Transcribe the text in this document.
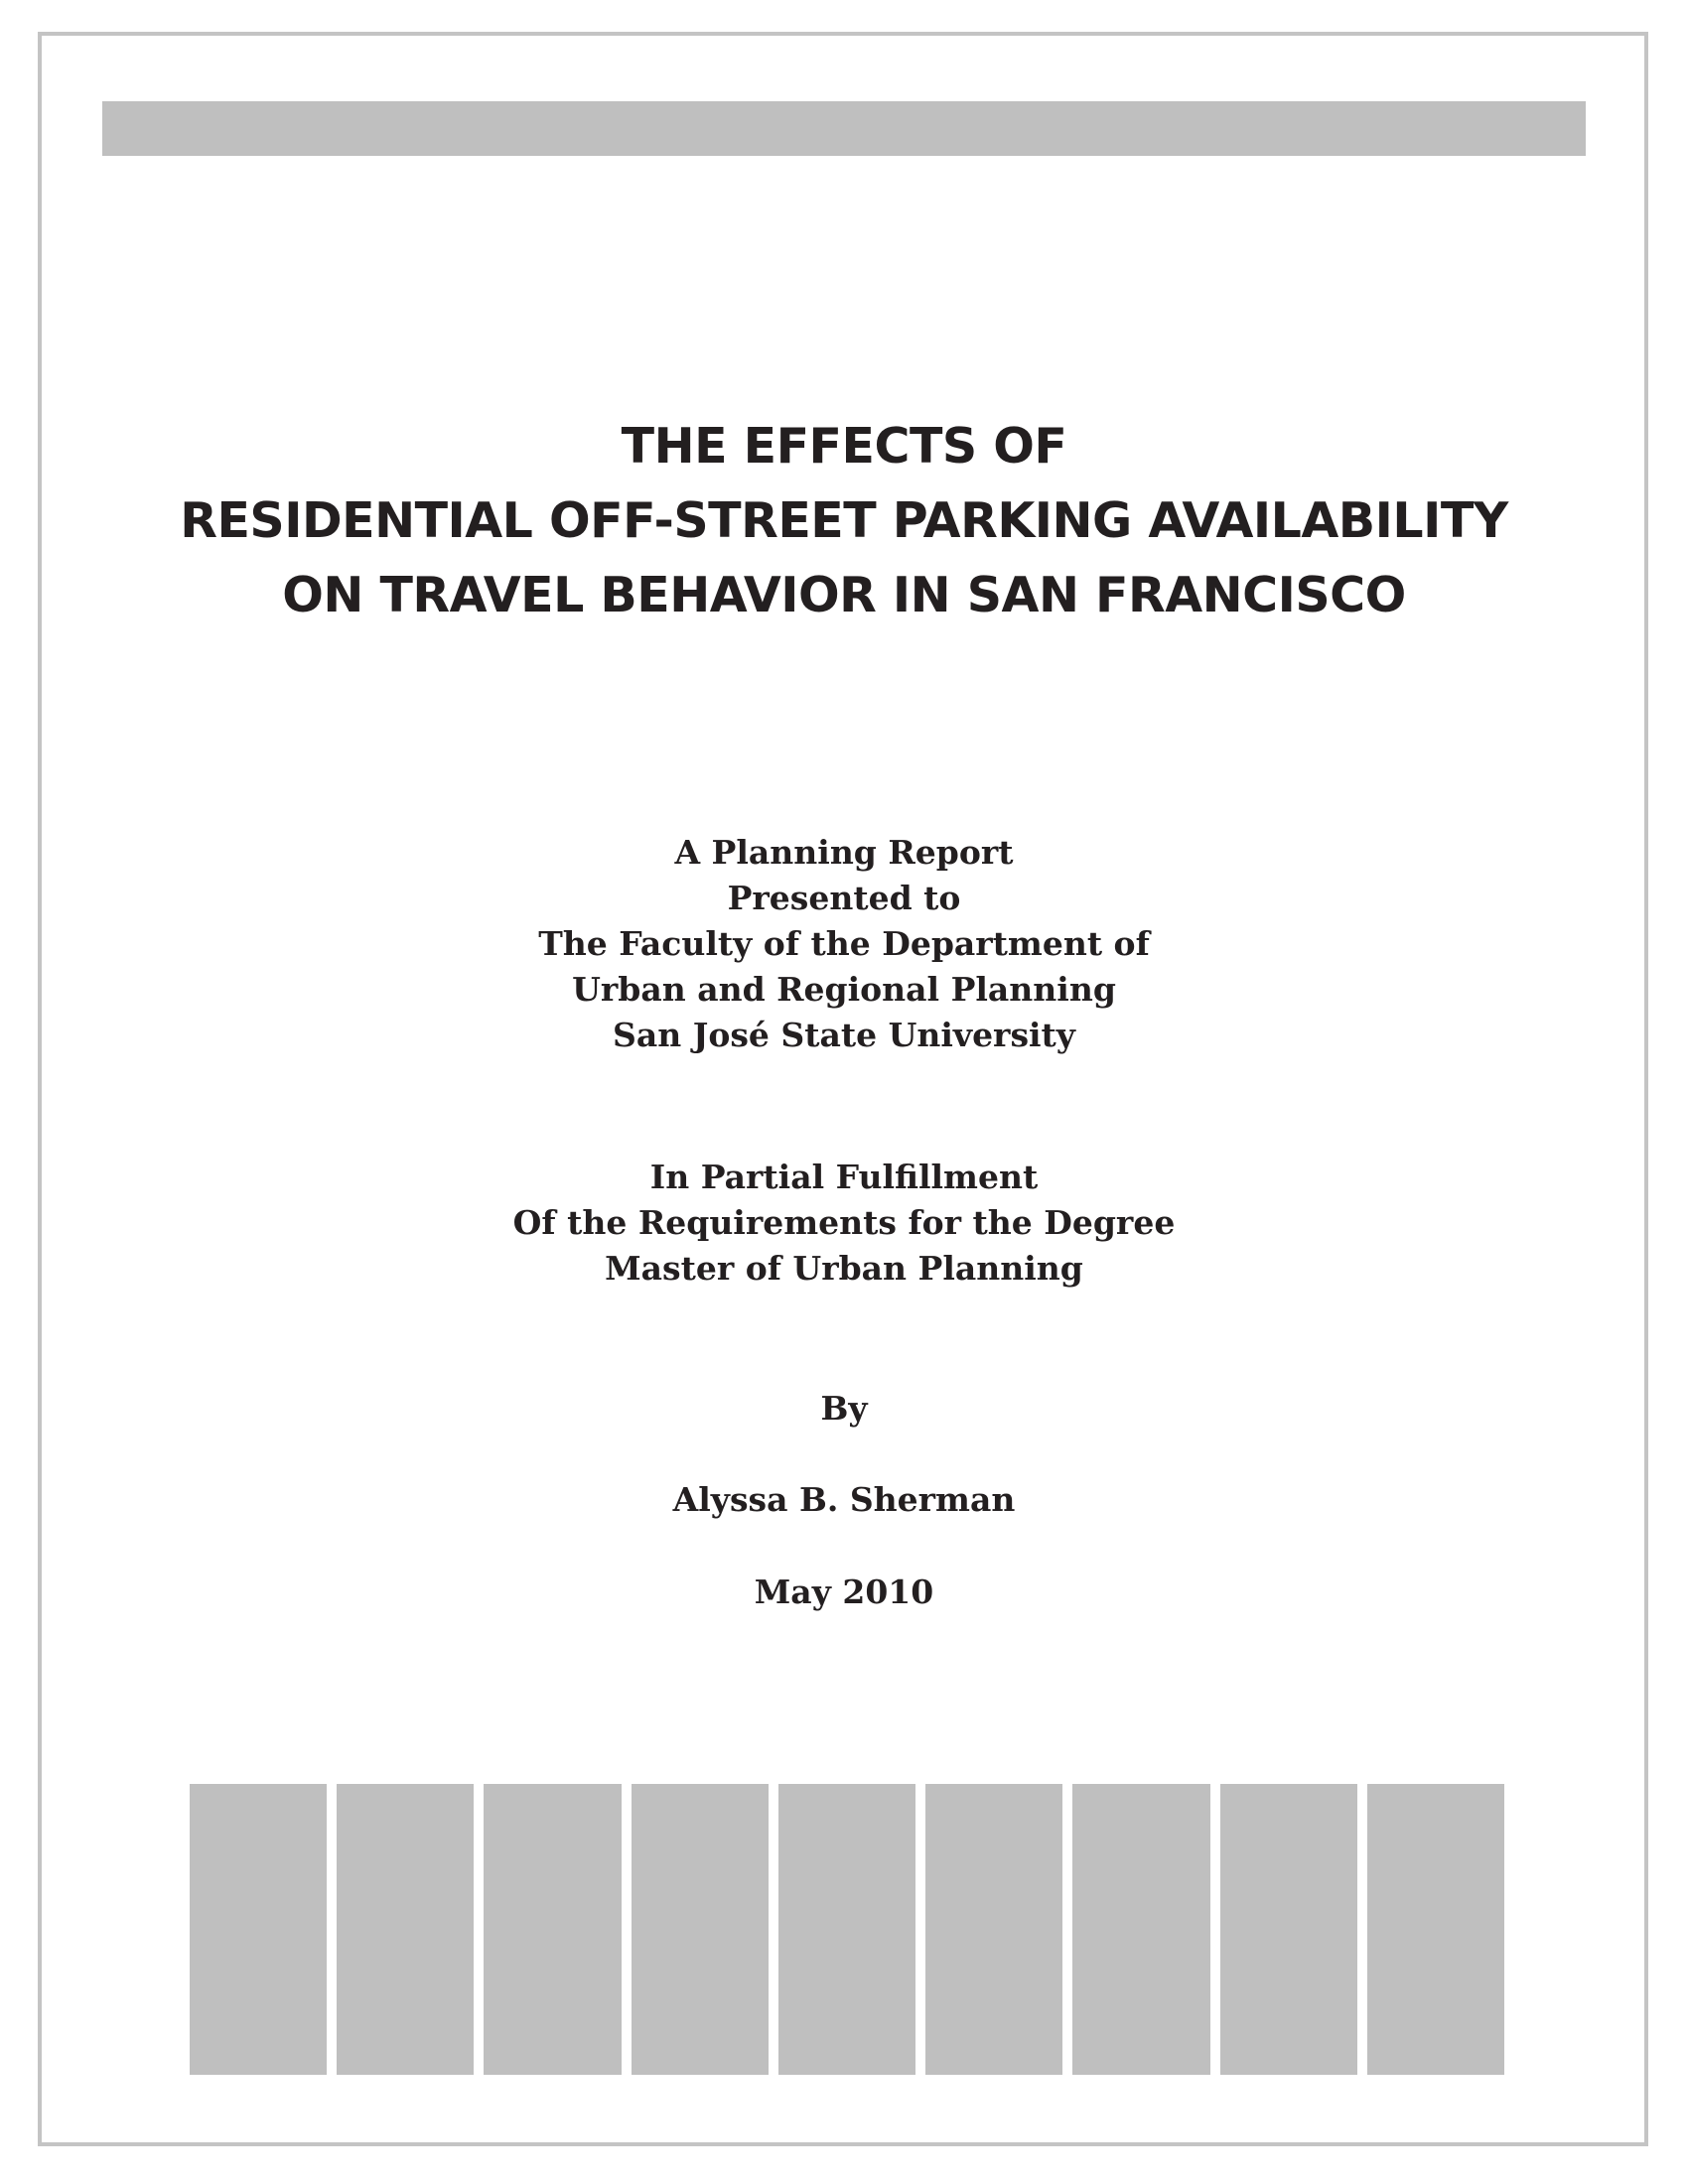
THE EFFECTS OF
RESIDENTIAL OFF-STREET PARKING AVAILABILITY
ON TRAVEL BEHAVIOR IN SAN FRANCISCO
A Planning Report
Presented to
The Faculty of the Department of
Urban and Regional Planning
San José State University
In Partial Fulfillment
Of the Requirements for the Degree
Master of Urban Planning
By
Alyssa B. Sherman
May 2010
